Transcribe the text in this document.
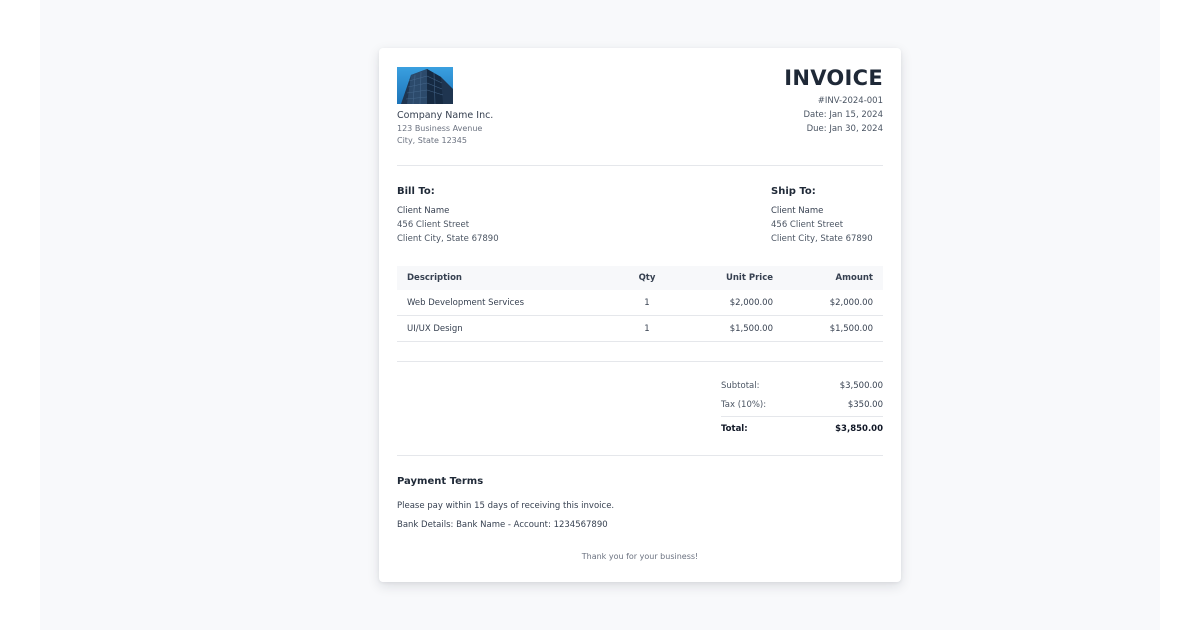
Company Name Inc.
123 Business Avenue
City, State 12345
INVOICE
#INV-2024-001
Date: Jan 15, 2024
Due: Jan 30, 2024
Bill To:
Client Name
456 Client Street
Client City, State 67890
Ship To:
Client Name
456 Client Street
Client City, State 67890
Description	Qty	Unit Price	Amount
Web Development Services	1	$2,000.00	$2,000.00
UI/UX Design	1	$1,500.00	$1,500.00
Subtotal:	$3,500.00
Tax (10%):	$350.00
Total:	$3,850.00
Payment Terms
Please pay within 15 days of receiving this invoice.
Bank Details: Bank Name - Account: 1234567890
Thank you for your business!
